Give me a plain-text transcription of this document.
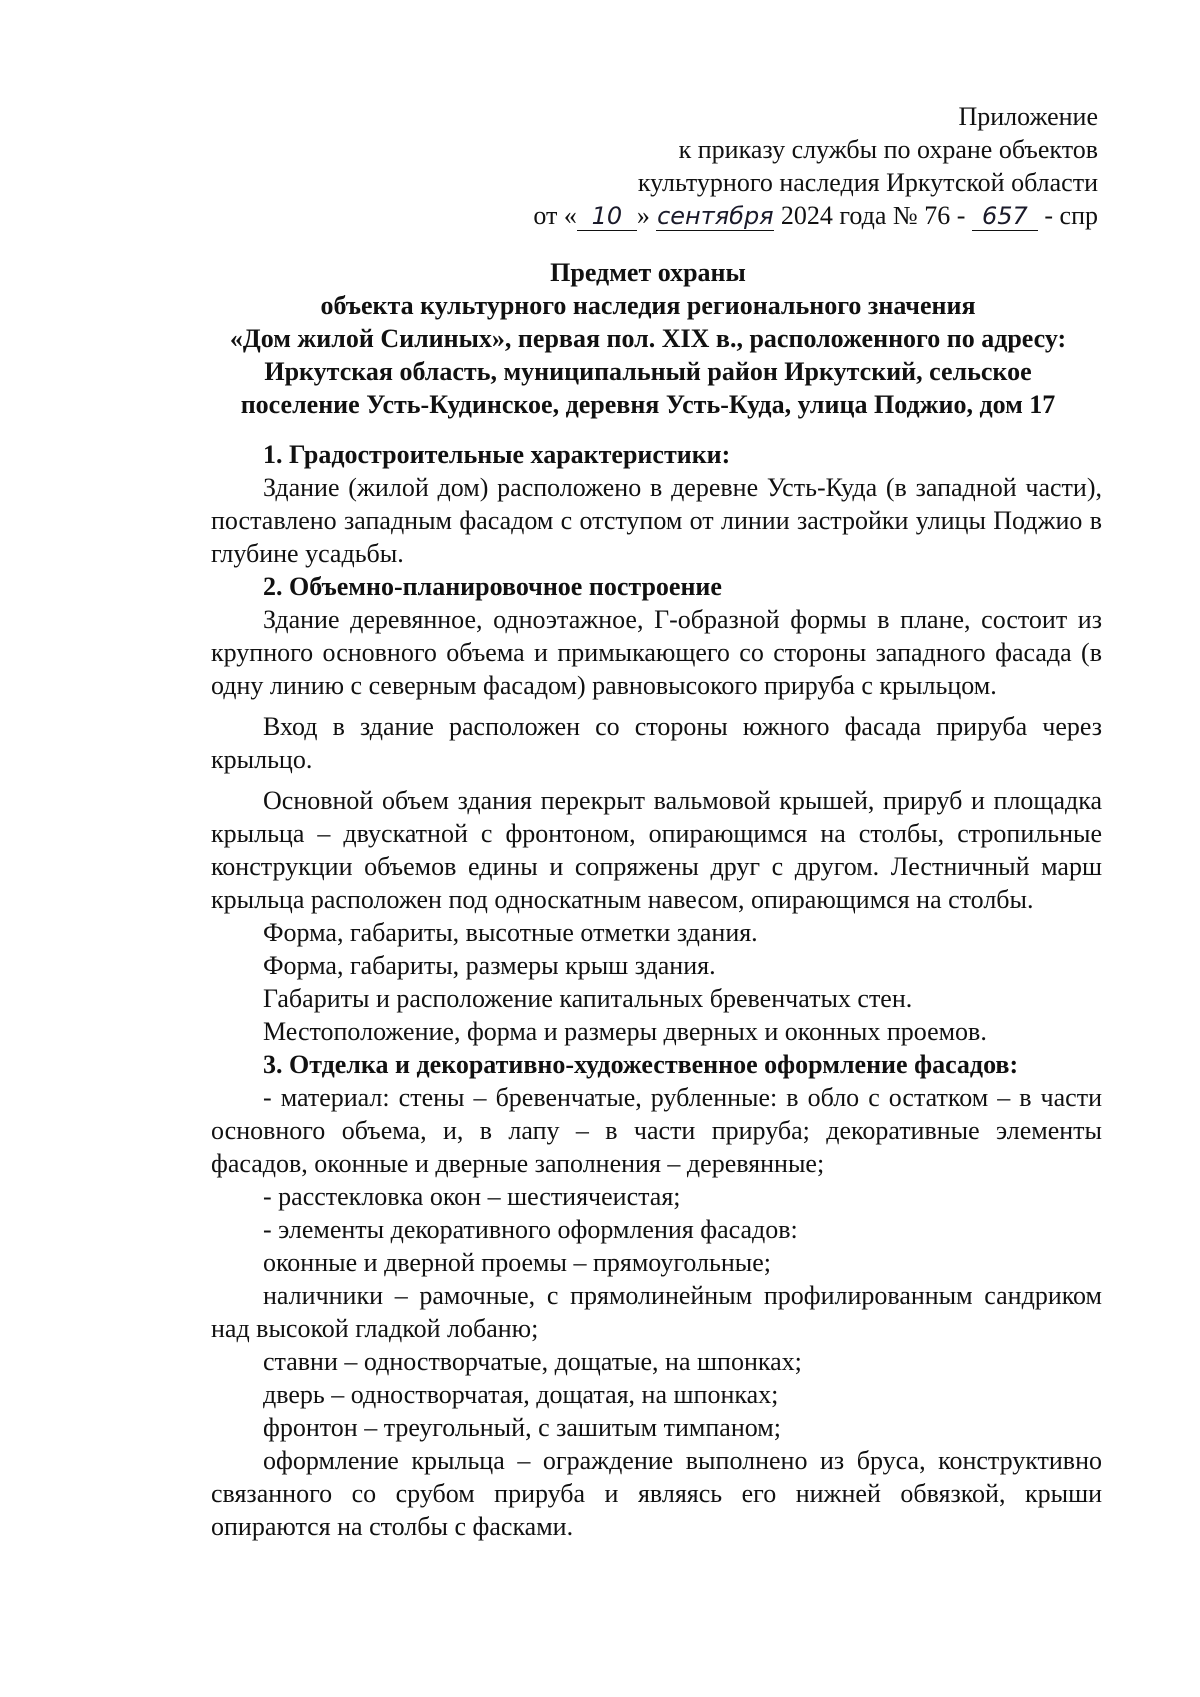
Приложение
к приказу службы по охране объектов
культурного наследия Иркутской области
от « 10 » сентября 2024 года № 76 - 657 - спр
Предмет охраны
объекта культурного наследия регионального значения
«Дом жилой Силиных», первая пол. XIX в., расположенного по адресу:
Иркутская область, муниципальный район Иркутский, сельское
поселение Усть-Кудинское, деревня Усть-Куда, улица Поджио, дом 17

1. Градостроительные характеристики:

Здание (жилой дом) расположено в деревне Усть-Куда (в западной части), поставлено западным фасадом с отступом от линии застройки улицы Поджио в глубине усадьбы.

2. Объемно-планировочное построение

Здание деревянное, одноэтажное, Г-образной формы в плане, состоит из крупного основного объема и примыкающего со стороны западного фасада (в одну линию с северным фасадом) равновысокого прируба с крыльцом.

Вход в здание расположен со стороны южного фасада прируба через крыльцо.

Основной объем здания перекрыт вальмовой крышей, прируб и площадка крыльца – двускатной с фронтоном, опирающимся на столбы, стропильные конструкции объемов едины и сопряжены друг с другом. Лестничный марш крыльца расположен под односкатным навесом, опирающимся на столбы.

Форма, габариты, высотные отметки здания.

Форма, габариты, размеры крыш здания.

Габариты и расположение капитальных бревенчатых стен.

Местоположение, форма и размеры дверных и оконных проемов.

3. Отделка и декоративно-художественное оформление фасадов:

- материал: стены – бревенчатые, рубленные: в обло с остатком – в части основного объема, и, в лапу – в части прируба; декоративные элементы фасадов, оконные и дверные заполнения – деревянные;

- расстекловка окон – шестиячеистая;

- элементы декоративного оформления фасадов:

оконные и дверной проемы – прямоугольные;

наличники – рамочные, с прямолинейным профилированным сандриком над высокой гладкой лобаню;

ставни – одностворчатые, дощатые, на шпонках;

дверь – одностворчатая, дощатая, на шпонках;

фронтон – треугольный, с зашитым тимпаном;

оформление крыльца – ограждение выполнено из бруса, конструктивно связанного со срубом прируба и являясь его нижней обвязкой, крыши опираются на столбы с фасками.
